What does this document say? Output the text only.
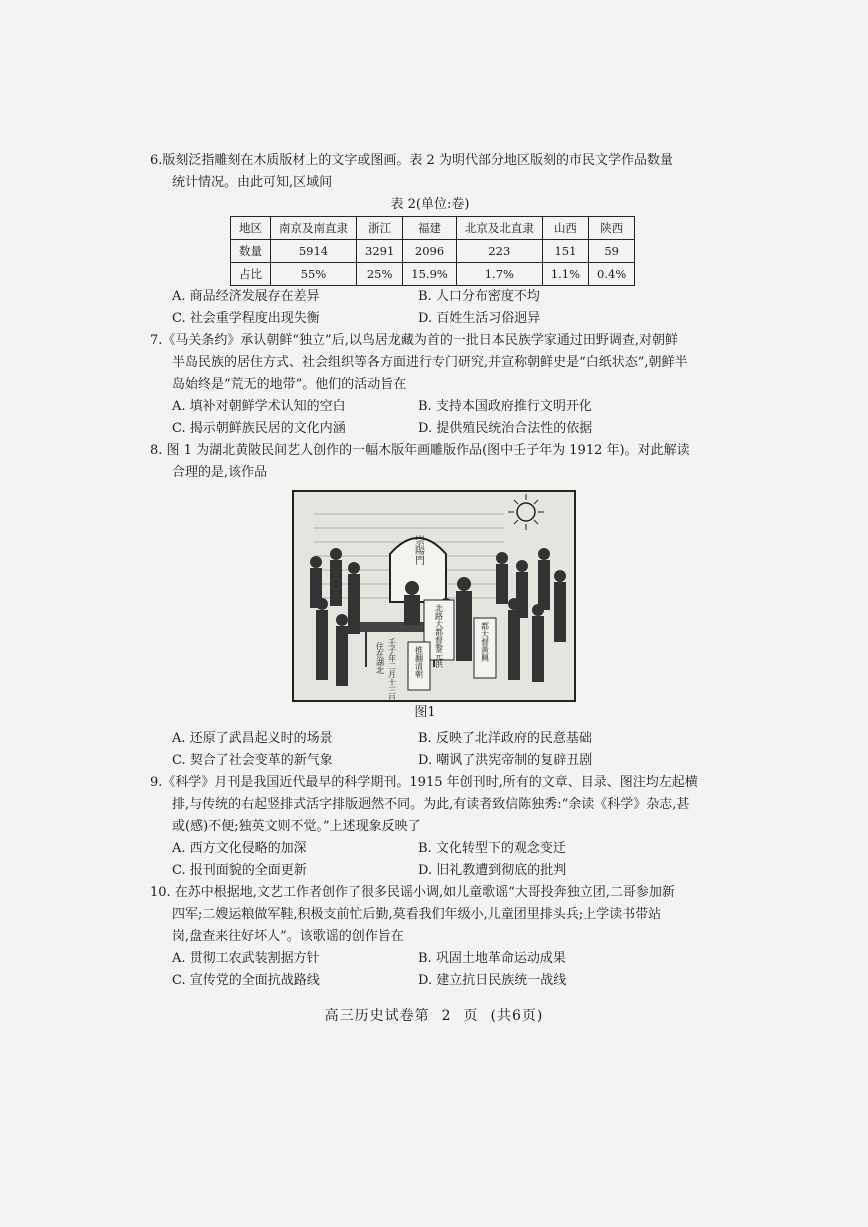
6.版刻泛指雕刻在木质版材上的文字或图画。表 2 为明代部分地区版刻的市民文学作品数量

统计情况。由此可知,区域间

表 2(单位:卷)

地区	南京及南直隶	浙江	福建	北京及北直隶	山西	陕西
数量	5914	3291	2096	223	151	59
占比	55%	25%	15.9%	1.7%	1.1%	0.4%
A. 商品经济发展存在差异	B. 人口分布密度不均
C. 社会重学程度出现失衡	D. 百姓生活习俗迥异

7.《马关条约》承认朝鲜“独立”后,以鸟居龙藏为首的一批日本民族学家通过田野调查,对朝鲜

半岛民族的居住方式、社会组织等各方面进行专门研究,并宣称朝鲜史是“白纸状态”,朝鲜半

岛始终是“荒无的地带”。他们的活动旨在

A. 填补对朝鲜学术认知的空白	B. 支持本国政府推行文明开化
C. 揭示朝鲜族民居的文化内涵	D. 提供殖民统治合法性的依据

8. 图 1 为湖北黄陂民间艺人创作的一幅木版年画雕版作品(图中壬子年为 1912 年)。对此解读

合理的是,该作品

崇陽門
北路大都督黎元洪	都大督黄興
推翻清朝
壬子年二月十三日
住在湖北

图1

A. 还原了武昌起义时的场景	B. 反映了北洋政府的民意基础
C. 契合了社会变革的新气象	D. 嘲讽了洪宪帝制的复辟丑剧

9.《科学》月刊是我国近代最早的科学期刊。1915 年创刊时,所有的文章、目录、图注均左起横

排,与传统的右起竖排式活字排版迥然不同。为此,有读者致信陈独秀:“余读《科学》杂志,甚

或(感)不便;独英文则不觉。”上述现象反映了

A. 西方文化侵略的加深	B. 文化转型下的观念变迁
C. 报刊面貌的全面更新	D. 旧礼教遭到彻底的批判

10. 在苏中根据地,文艺工作者创作了很多民谣小调,如儿童歌谣“大哥投奔独立团,二哥参加新

四军;二嫂运粮做军鞋,积极支前忙后勤,莫看我们年级小,儿童团里排头兵;上学读书带站

岗,盘查来往好坏人”。该歌谣的创作旨在

A. 贯彻工农武装割据方针	B. 巩固土地革命运动成果
C. 宣传党的全面抗战路线	D. 建立抗日民族统一战线
高三历史试卷第 2 页 (共6页)
